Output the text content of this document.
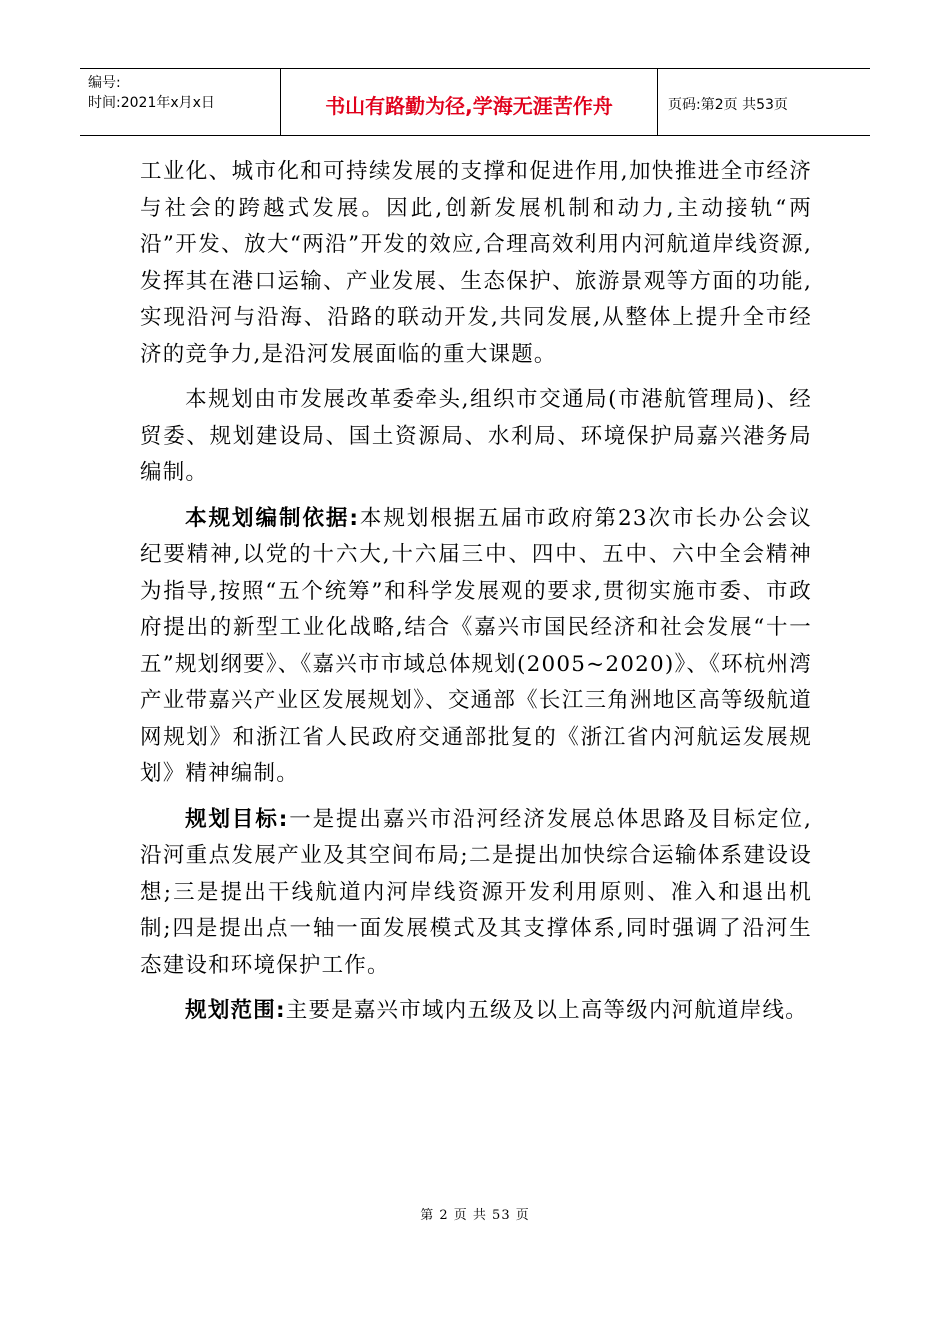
编号:
时间:2021年x月x日	书山有路勤为径,学海无涯苦作舟	页码:第2页 共53页

工业化、城市化和可持续发展的支撑和促进作用,加快推进全市经济与社会的跨越式发展。因此,创新发展机制和动力,主动接轨“两沿”开发、放大“两沿”开发的效应,合理高效利用内河航道岸线资源,发挥其在港口运输、产业发展、生态保护、旅游景观等方面的功能,实现沿河与沿海、沿路的联动开发,共同发展,从整体上提升全市经济的竞争力,是沿河发展面临的重大课题。

本规划由市发展改革委牵头,组织市交通局(市港航管理局)、经贸委、规划建设局、国土资源局、水利局、环境保护局嘉兴港务局编制。

本规划编制依据:本规划根据五届市政府第23次市长办公会议纪要精神,以党的十六大,十六届三中、四中、五中、六中全会精神为指导,按照“五个统筹”和科学发展观的要求,贯彻实施市委、市政府提出的新型工业化战略,结合《嘉兴市国民经济和社会发展“十一五”规划纲要》、《嘉兴市市域总体规划(2005~2020)》、《环杭州湾产业带嘉兴产业区发展规划》、交通部《长江三角洲地区高等级航道网规划》和浙江省人民政府交通部批复的《浙江省内河航运发展规划》精神编制。

规划目标:一是提出嘉兴市沿河经济发展总体思路及目标定位,沿河重点发展产业及其空间布局;二是提出加快综合运输体系建设设想;三是提出干线航道内河岸线资源开发利用原则、准入和退出机制;四是提出点一轴一面发展模式及其支撑体系,同时强调了沿河生态建设和环境保护工作。

规划范围:主要是嘉兴市域内五级及以上高等级内河航道岸线。

第 2 页 共 53 页
